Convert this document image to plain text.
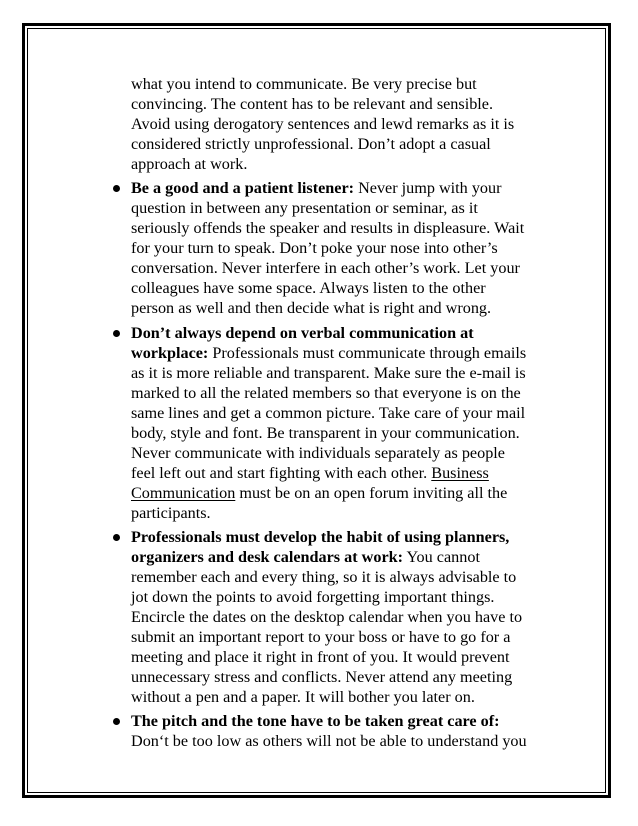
what you intend to communicate. Be very precise but
convincing. The content has to be relevant and sensible.
Avoid using derogatory sentences and lewd remarks as it is
considered strictly unprofessional. Don’t adopt a casual
approach at work.
Be a good and a patient listener: Never jump with your
question in between any presentation or seminar, as it
seriously offends the speaker and results in displeasure. Wait
for your turn to speak. Don’t poke your nose into other’s
conversation. Never interfere in each other’s work. Let your
colleagues have some space. Always listen to the other
person as well and then decide what is right and wrong.
Don’t always depend on verbal communication at
workplace: Professionals must communicate through emails
as it is more reliable and transparent. Make sure the e-mail is
marked to all the related members so that everyone is on the
same lines and get a common picture. Take care of your mail
body, style and font. Be transparent in your communication.
Never communicate with individuals separately as people
feel left out and start fighting with each other. Business
Communication must be on an open forum inviting all the
participants.
Professionals must develop the habit of using planners,
organizers and desk calendars at work: You cannot
remember each and every thing, so it is always advisable to
jot down the points to avoid forgetting important things.
Encircle the dates on the desktop calendar when you have to
submit an important report to your boss or have to go for a
meeting and place it right in front of you. It would prevent
unnecessary stress and conflicts. Never attend any meeting
without a pen and a paper. It will bother you later on.
The pitch and the tone have to be taken great care of:
Don‘t be too low as others will not be able to understand you
